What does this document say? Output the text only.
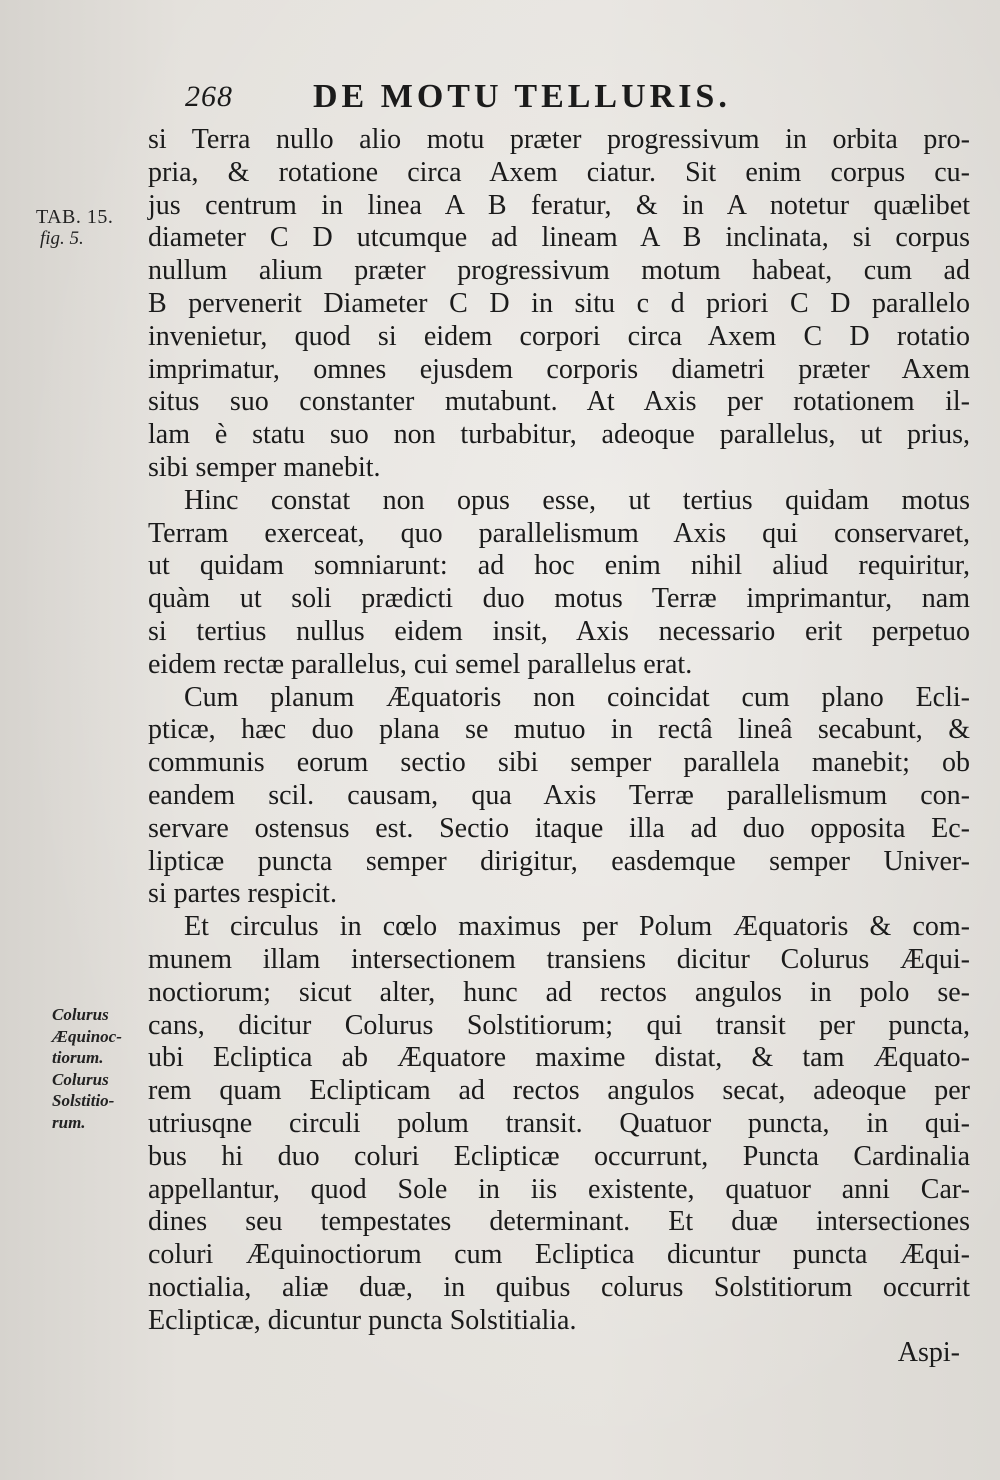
268 DE MOTU TELLURIS.
TAB. 15.
fig. 5.
Colurus
Æquinoc-
tiorum.
Colurus
Solstitio-
rum.
si Terra nullo alio motu præter progressivum in orbita pro-
pria, & rotatione circa Axem ciatur. Sit enim corpus cu-
jus centrum in linea A B feratur, & in A notetur quælibet
diameter C D utcumque ad lineam A B inclinata, si corpus
nullum alium præter progressivum motum habeat, cum ad
B pervenerit Diameter C D in situ c d priori C D parallelo
invenietur, quod si eidem corpori circa Axem C D rotatio
imprimatur, omnes ejusdem corporis diametri præter Axem
situs suo constanter mutabunt. At Axis per rotationem il-
lam è statu suo non turbabitur, adeoque parallelus, ut prius,
sibi semper manebit.
Hinc constat non opus esse, ut tertius quidam motus
Terram exerceat, quo parallelismum Axis qui conservaret,
ut quidam somniarunt: ad hoc enim nihil aliud requiritur,
quàm ut soli prædicti duo motus Terræ imprimantur, nam
si tertius nullus eidem insit, Axis necessario erit perpetuo
eidem rectæ parallelus, cui semel parallelus erat.
Cum planum Æquatoris non coincidat cum plano Ecli-
pticæ, hæc duo plana se mutuo in rectâ lineâ secabunt, &
communis eorum sectio sibi semper parallela manebit; ob
eandem scil. causam, qua Axis Terræ parallelismum con-
servare ostensus est. Sectio itaque illa ad duo opposita Ec-
lipticæ puncta semper dirigitur, easdemque semper Univer-
si partes respicit.
Et circulus in cœlo maximus per Polum Æquatoris & com-
munem illam intersectionem transiens dicitur Colurus Æqui-
noctiorum; sicut alter, hunc ad rectos angulos in polo se-
cans, dicitur Colurus Solstitiorum; qui transit per puncta,
ubi Ecliptica ab Æquatore maxime distat, & tam Æquato-
rem quam Eclipticam ad rectos angulos secat, adeoque per
utriusqne circuli polum transit. Quatuor puncta, in qui-
bus hi duo coluri Eclipticæ occurrunt, Puncta Cardinalia
appellantur, quod Sole in iis existente, quatuor anni Car-
dines seu tempestates determinant. Et duæ intersectiones
coluri Æquinoctiorum cum Ecliptica dicuntur puncta Æqui-
noctialia, aliæ duæ, in quibus colurus Solstitiorum occurrit
Eclipticæ, dicuntur puncta Solstitialia.
Aspi-
